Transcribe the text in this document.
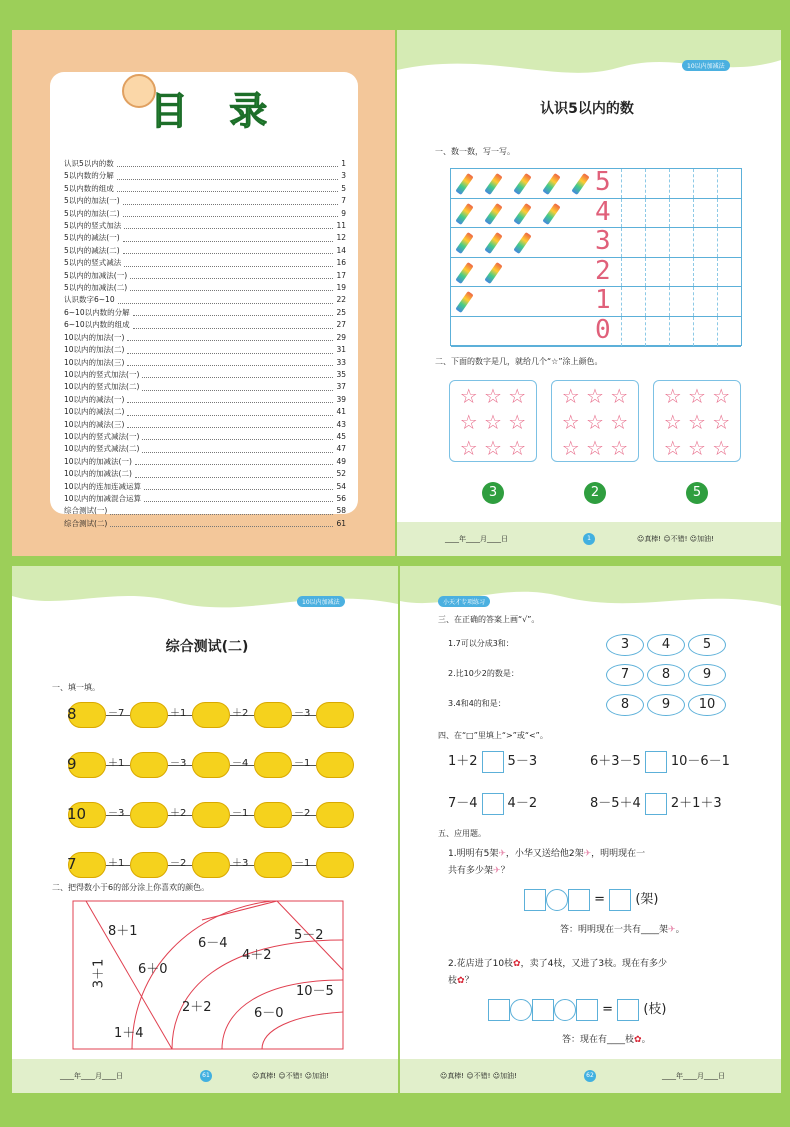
目 录
认识5以内的数	1
5以内数的分解	3
5以内数的组成	5
5以内的加法(一)	7
5以内的加法(二)	9
5以内的竖式加法	11
5以内的减法(一)	12
5以内的减法(二)	14
5以内的竖式减法	16
5以内的加减法(一)	17
5以内的加减法(二)	19
认识数字6~10	22
6~10以内数的分解	25
6~10以内数的组成	27
10以内的加法(一)	29
10以内的加法(二)	31
10以内的加法(三)	33
10以内的竖式加法(一)	35
10以内的竖式加法(二)	37
10以内的减法(一)	39
10以内的减法(二)	41
10以内的减法(三)	43
10以内的竖式减法(一)	45
10以内的竖式减法(二)	47
10以内的加减法(一)	49
10以内的加减法(二)	52
10以内的连加连减运算	54
10以内的加减混合运算	56
综合测试(一)	58
综合测试(二)	61
10以内加减法
认识5以内的数
一、数一数，写一写。
5
4
3
2
1
0
二、下面的数字是几，就给几个“☆”涂上颜色。
☆ ☆ ☆
☆ ☆ ☆
☆ ☆ ☆
☆ ☆ ☆
☆ ☆ ☆
☆ ☆ ☆
☆ ☆ ☆
☆ ☆ ☆
☆ ☆ ☆
3	2	5
____年____月____日	1	☺真棒! ☺不错! ☺加油!
10以内加减法
综合测试(二)
一、填一填。
8	－7	＋1	＋2	－3
9	＋1	－3	－4	－1
10 －3	＋2	－1	－2
7	＋1	－2	＋3	－1
二、把得数小于6的部分涂上你喜欢的颜色。
8＋1
3＋1 6＋0
6－4
4＋2
5－2
10－5
2＋2	6－0
1＋4
____年____月____日	61	☺真棒! ☺不错! ☺加油!
小天才专项练习
三、在正确的答案上画“√”。
1.7可以分成3和：	3	4	5
2.比10少2的数是：	7	8	9
3.4和4的和是：	8	9	10
四、在“□”里填上“>”或“<”。
1＋2 5－3	6＋3－5 10－6－1
7－4 4－2	8－5＋4 2＋1＋3
五、应用题。
1.明明有5架✈，小华又送给他2架✈，明明现在一
共有多少架✈？
=  (架)
答：明明现在一共有____架✈。
2.花店进了10枝✿，卖了4枝，又进了3枝。现在有多少
枝✿？
=  (枝)
答：现在有____枝✿。
☺真棒! ☺不错! ☺加油!	62	____年____月____日
